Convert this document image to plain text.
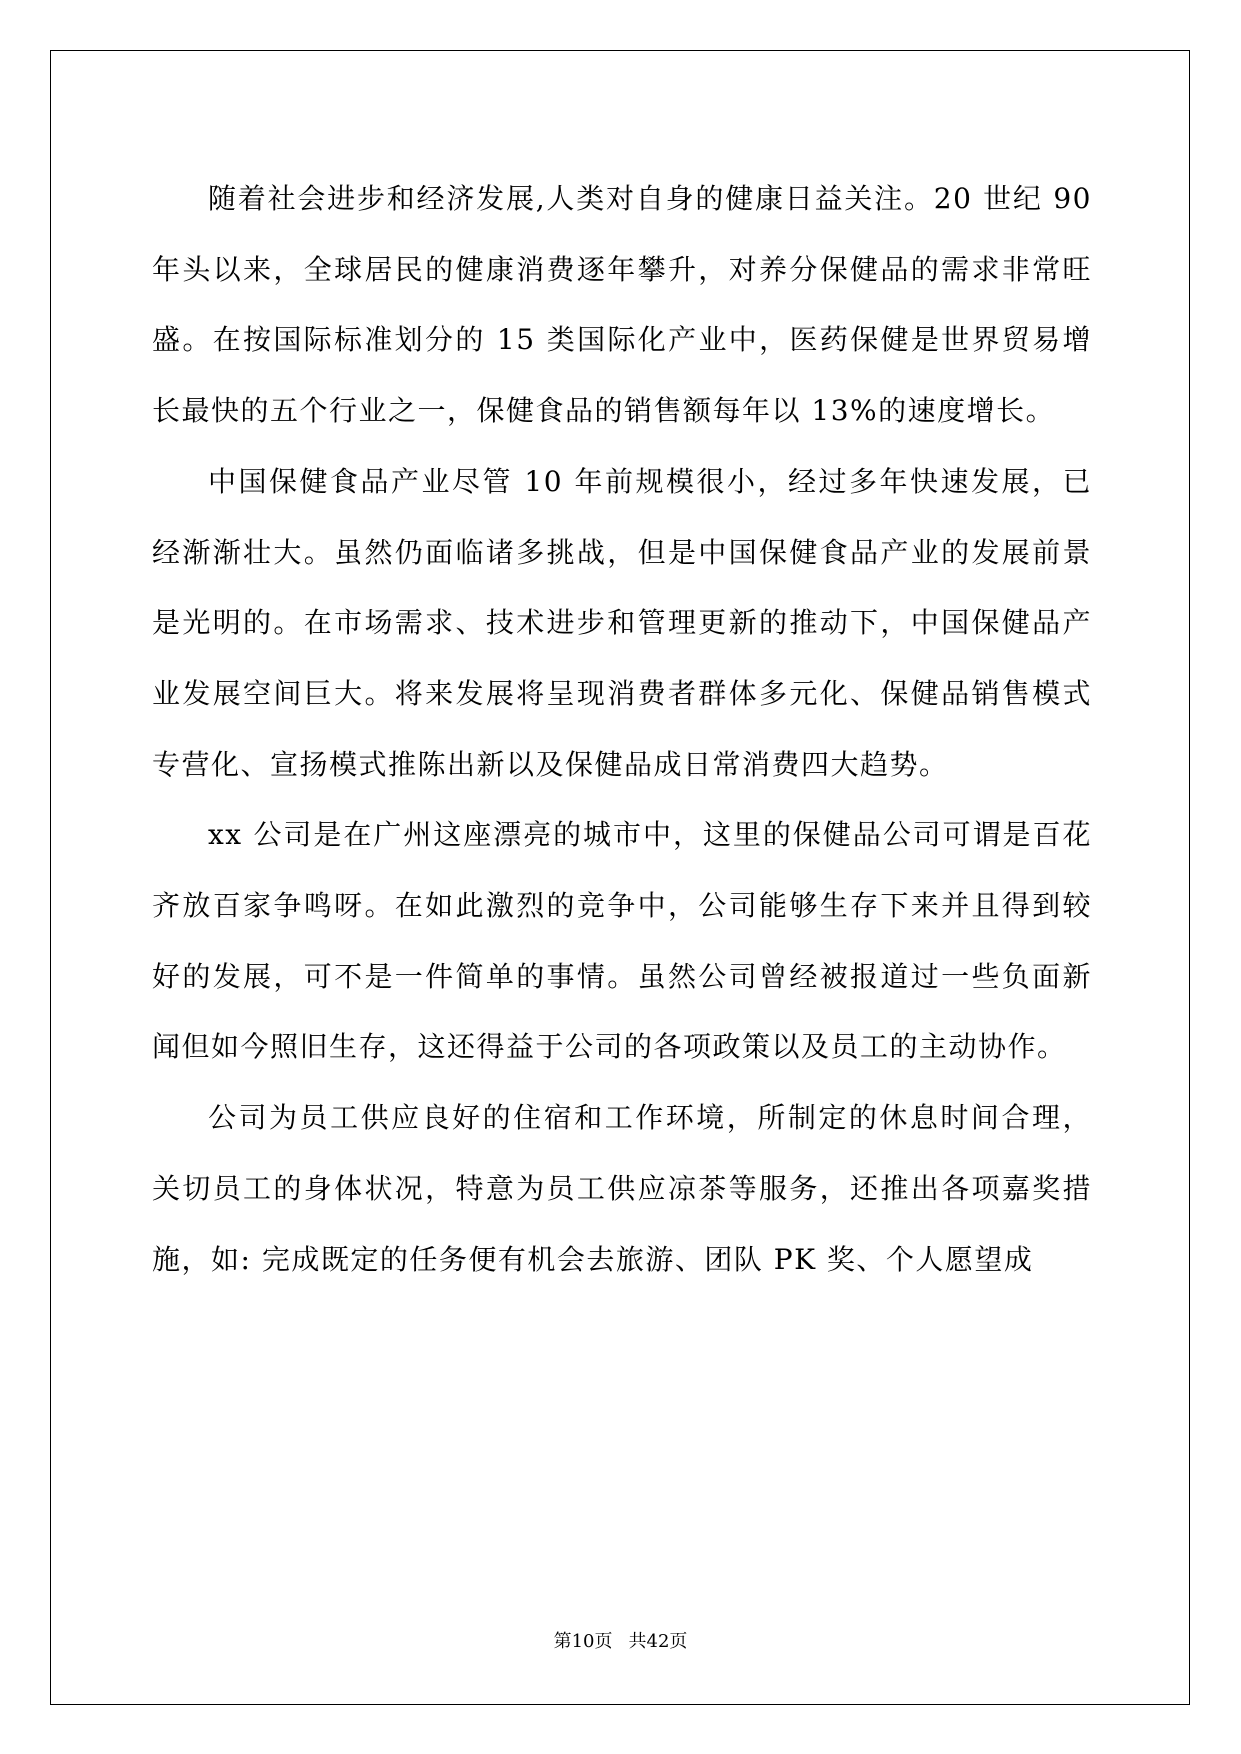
随着社会进步和经济发展,人类对自身的健康日益关注。20 世纪 90 年头以来，全球居民的健康消费逐年攀升，对养分保健品的需求非常旺盛。在按国际标准划分的 15 类国际化产业中，医药保健是世界贸易增长最快的五个行业之一，保健食品的销售额每年以 13%的速度增长。

中国保健食品产业尽管 10 年前规模很小，经过多年快速发展，已经渐渐壮大。虽然仍面临诸多挑战，但是中国保健食品产业的发展前景是光明的。在市场需求、技术进步和管理更新的推动下，中国保健品产业发展空间巨大。将来发展将呈现消费者群体多元化、保健品销售模式专营化、宣扬模式推陈出新以及保健品成日常消费四大趋势。

xx 公司是在广州这座漂亮的城市中，这里的保健品公司可谓是百花齐放百家争鸣呀。在如此激烈的竞争中，公司能够生存下来并且得到较好的发展，可不是一件简单的事情。虽然公司曾经被报道过一些负面新闻但如今照旧生存，这还得益于公司的各项政策以及员工的主动协作。

公司为员工供应良好的住宿和工作环境，所制定的休息时间合理，关切员工的身体状况，特意为员工供应凉茶等服务，还推出各项嘉奖措施，如: 完成既定的任务便有机会去旅游、团队 PK 奖、个人愿望成

第10页 共42页
